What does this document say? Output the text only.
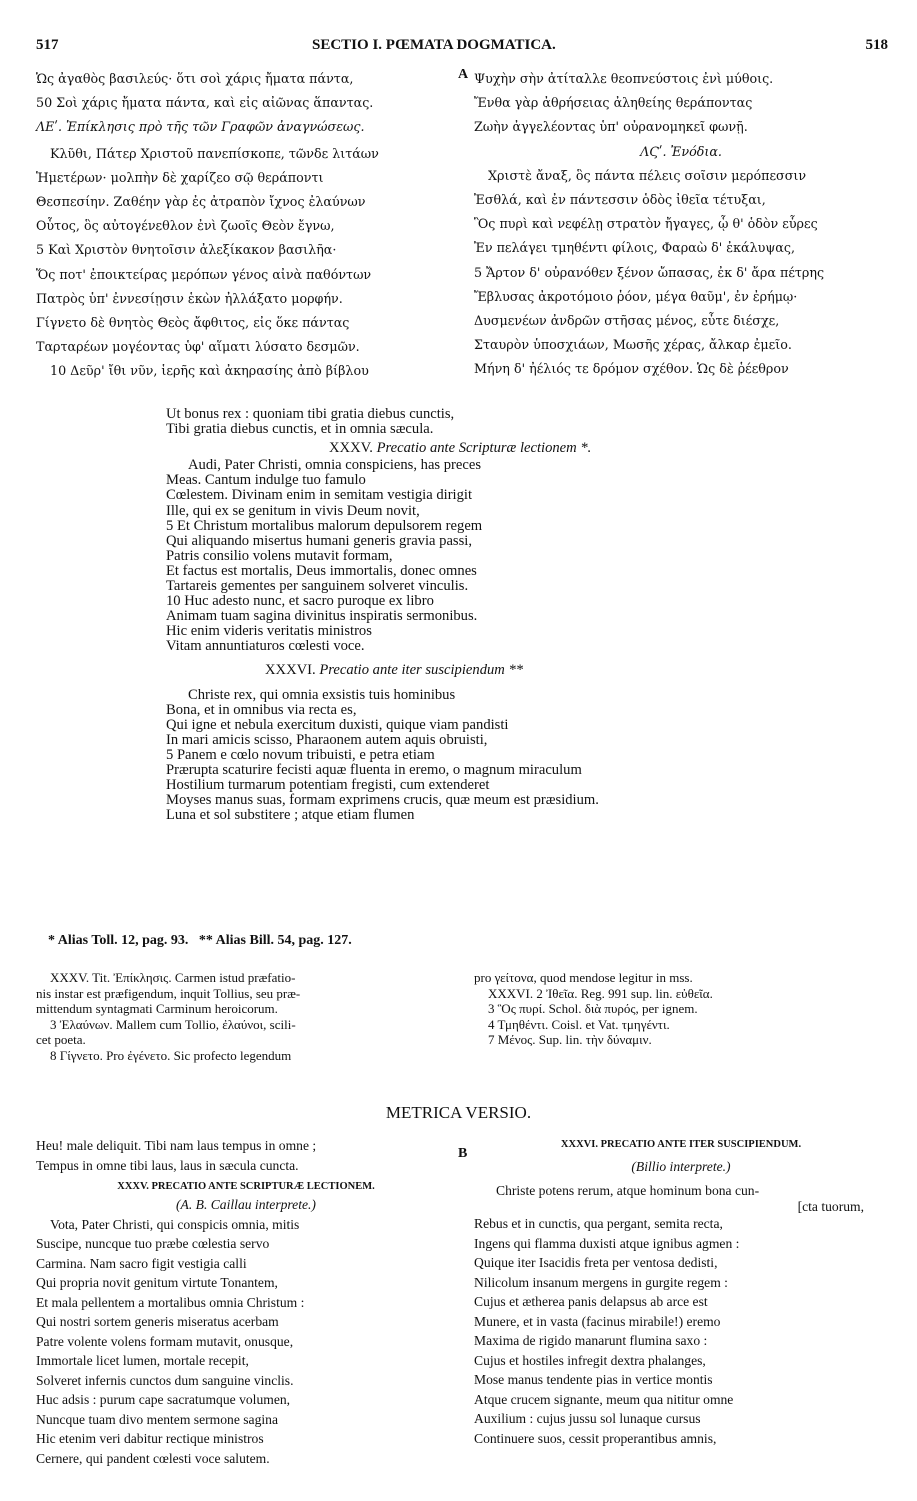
517	SECTIO I. PŒMATA DOGMATICA.	518
Ὡς ἀγαθὸς βασιλεύς· ὅτι σοὶ χάρις ἤματα πάντα,
50 Σοὶ χάρις ἤματα πάντα, καὶ εἰς αἰῶνας ἅπαντας.
ΛΕʹ. Ἐπίκλησις πρὸ τῆς τῶν Γραφῶν ἀναγνώσεως.
Κλῦθι, Πάτερ Χριστοῦ πανεπίσκοπε, τῶνδε λιτάων
Ἡμετέρων· μολπὴν δὲ χαρίζεο σῷ θεράποντι
Θεσπεσίην. Ζαθέην γὰρ ἐς ἀτραπὸν ἴχνος ἐλαύνων
Οὗτος, ὃς αὐτογένεθλον ἐνὶ ζωοῖς Θεὸν ἔγνω,
5 Καὶ Χριστὸν θνητοῖσιν ἀλεξίκακον βασιλῆα·
Ὅς ποτ' ἐποικτείρας μερόπων γένος αἰνὰ παθόντων
Πατρὸς ὑπ' ἐννεσίῃσιν ἑκὼν ἠλλάξατο μορφήν.
Γίγνετο δὲ θνητὸς Θεὸς ἄφθιτος, εἰς ὅκε πάντας
Ταρταρέων μογέοντας ὑφ' αἵματι λύσατο δεσμῶν.
10 Δεῦρ' ἴθι νῦν, ἱερῆς καὶ ἀκηρασίης ἀπὸ βίβλου
A Ψυχὴν σὴν ἀτίταλλε θεοπνεύστοις ἐνὶ μύθοις.
Ἔνθα γὰρ ἀθρήσειας ἀληθείης θεράποντας
Ζωὴν ἀγγελέοντας ὑπ' οὐρανομηκεῖ φωνῇ.
ΛϚʹ. Ἐνόδια.
Χριστὲ ἄναξ, ὃς πάντα πέλεις σοῖσιν μερόπεσσιν
Ἐσθλά, καὶ ἐν πάντεσσιν ὁδὸς ἰθεῖα τέτυξαι,
Ὃς πυρὶ καὶ νεφέλῃ στρατὸν ἤγαγες, ᾧ θ' ὁδὸν εὗρες
Ἐν πελάγει τμηθέντι φίλοις, Φαραὼ δ' ἐκάλυψας,
5 Ἄρτον δ' οὐρανόθεν ξένον ὤπασας, ἐκ δ' ἄρα πέτρης
Ἔβλυσας ἀκροτόμοιο ῥόον, μέγα θαῦμ', ἐν ἐρήμῳ·
Δυσμενέων ἀνδρῶν στῆσας μένος, εὖτε διέσχε,
Σταυρὸν ὑποσχιάων, Μωσῆς χέρας, ἄλκαρ ἐμεῖο.
Μήνη δ' ἠέλιός τε δρόμον σχέθον. Ὡς δὲ ῥέεθρον
Ut bonus rex : quoniam tibi gratia diebus cunctis,
Tibi gratia diebus cunctis, et in omnia sæcula.
XXXV. Precatio ante Scripturæ lectionem *.
Audi, Pater Christi, omnia conspiciens, has preces
Meas. Cantum indulge tuo famulo
Cœlestem. Divinam enim in semitam vestigia dirigit
Ille, qui ex se genitum in vivis Deum novit,
5 Et Christum mortalibus malorum depulsorem regem
Qui aliquando misertus humani generis gravia passi,
Patris consilio volens mutavit formam,
Et factus est mortalis, Deus immortalis, donec omnes
Tartareis gementes per sanguinem solveret vinculis.
10 Huc adesto nunc, et sacro puroque ex libro
Animam tuam sagina divinitus inspiratis sermonibus.
Hic enim videris veritatis ministros
Vitam annuntiaturos cœlesti voce.
XXXVI. Precatio ante iter suscipiendum **
Christe rex, qui omnia exsistis tuis hominibus
Bona, et in omnibus via recta es,
Qui igne et nebula exercitum duxisti, quique viam pandisti
In mari amicis scisso, Pharaonem autem aquis obruisti,
5 Panem e cœlo novum tribuisti, e petra etiam
Prærupta scaturire fecisti aquæ fluenta in eremo, o magnum miraculum
Hostilium turmarum potentiam fregisti, cum extenderet
Moyses manus suas, formam exprimens crucis, quæ meum est præsidium.
Luna et sol substitere ; atque etiam flumen
* Alias Toll. 12, pag. 93.   ** Alias Bill. 54, pag. 127.
XXXV. Tit. Ἐπίκλησις. Carmen istud præfatio-
nis instar est præfigendum, inquit Tollius, seu præ-
mittendum syntagmati Carminum heroicorum.
3 Ἐλαύνων. Mallem cum Tollio, ἐλαύνοι, scili-
cet poeta.
8 Γίγνετο. Pro ἐγένετο. Sic profecto legendum
pro γείτονα, quod mendose legitur in mss.
XXXVI. 2 Ἰθεῖα. Reg. 991 sup. lin. εὐθεῖα.
3 Ὃς πυρί. Schol. διὰ πυρός, per ignem.
4 Τμηθέντι. Coisl. et Vat. τμηγέντι.
7 Μένος. Sup. lin. τὴν δύναμιν.
METRICA VERSIO.
B
Heu! male deliquit. Tibi nam laus tempus in omne ;
Tempus in omne tibi laus, laus in sæcula cuncta.
XXXV. PRECATIO ANTE SCRIPTURÆ LECTIONEM.
(A. B. Caillau interprete.)
Vota, Pater Christi, qui conspicis omnia, mitis
Suscipe, nuncque tuo præbe cœlestia servo
Carmina. Nam sacro figit vestigia calli
Qui propria novit genitum virtute Tonantem,
Et mala pellentem a mortalibus omnia Christum :
Qui nostri sortem generis miseratus acerbam
Patre volente volens formam mutavit, onusque,
Immortale licet lumen, mortale recepit,
Solveret infernis cunctos dum sanguine vinclis.
Huc adsis : purum cape sacratumque volumen,
Nuncque tuam divo mentem sermone sagina
Hic etenim veri dabitur rectique ministros
Cernere, qui pandent cœlesti voce salutem.
XXXVI. PRECATIO ANTE ITER SUSCIPIENDUM.
(Billio interprete.)
Christe potens rerum, atque hominum bona cun-
[cta tuorum,
Rebus et in cunctis, qua pergant, semita recta,
Ingens qui flamma duxisti atque ignibus agmen :
Quique iter Isacidis freta per ventosa dedisti,
Nilicolum insanum mergens in gurgite regem :
Cujus et ætherea panis delapsus ab arce est
Munere, et in vasta (facinus mirabile!) eremo
Maxima de rigido manarunt flumina saxo :
Cujus et hostiles infregit dextra phalanges,
Mose manus tendente pias in vertice montis
Atque crucem signante, meum qua nititur omne
Auxilium : cujus jussu sol lunaque cursus
Continuere suos, cessit properantibus amnis,
